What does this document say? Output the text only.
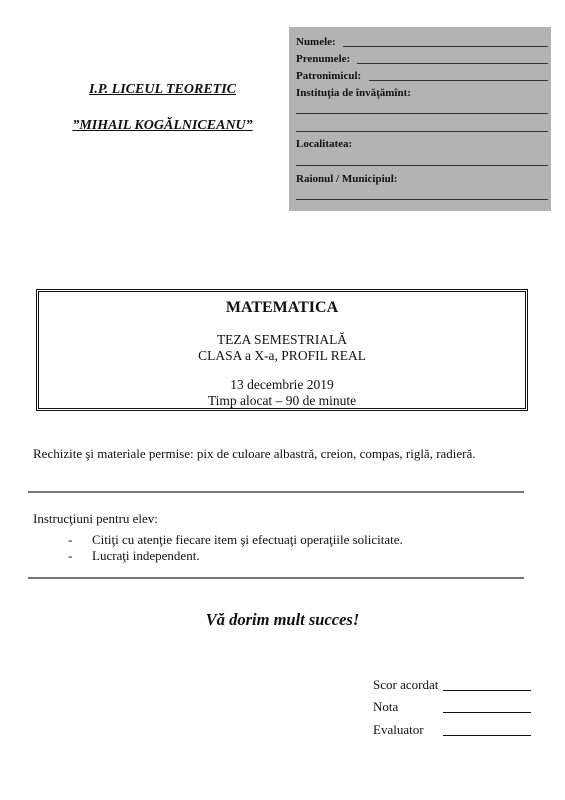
I.P. LICEUL TEORETIC
”MIHAIL KOGĂLNICEANU”
Numele:
Prenumele:
Patronimicul:
Instituţia de învăţămînt:
Localitatea:
Raionul / Municipiul:
MATEMATICA
TEZA SEMESTRIALĂ
CLASA a X-a, PROFIL REAL
13 decembrie 2019
Timp alocat – 90 de minute
Rechizite şi materiale permise: pix de culoare albastră, creion, compas, riglă, radieră.
Instrucţiuni pentru elev:
- Citiţi cu atenţie fiecare item şi efectuaţi operaţiile solicitate.
- Lucraţi independent.
Vă dorim mult succes!
Scor acordat
Nota
Evaluator
